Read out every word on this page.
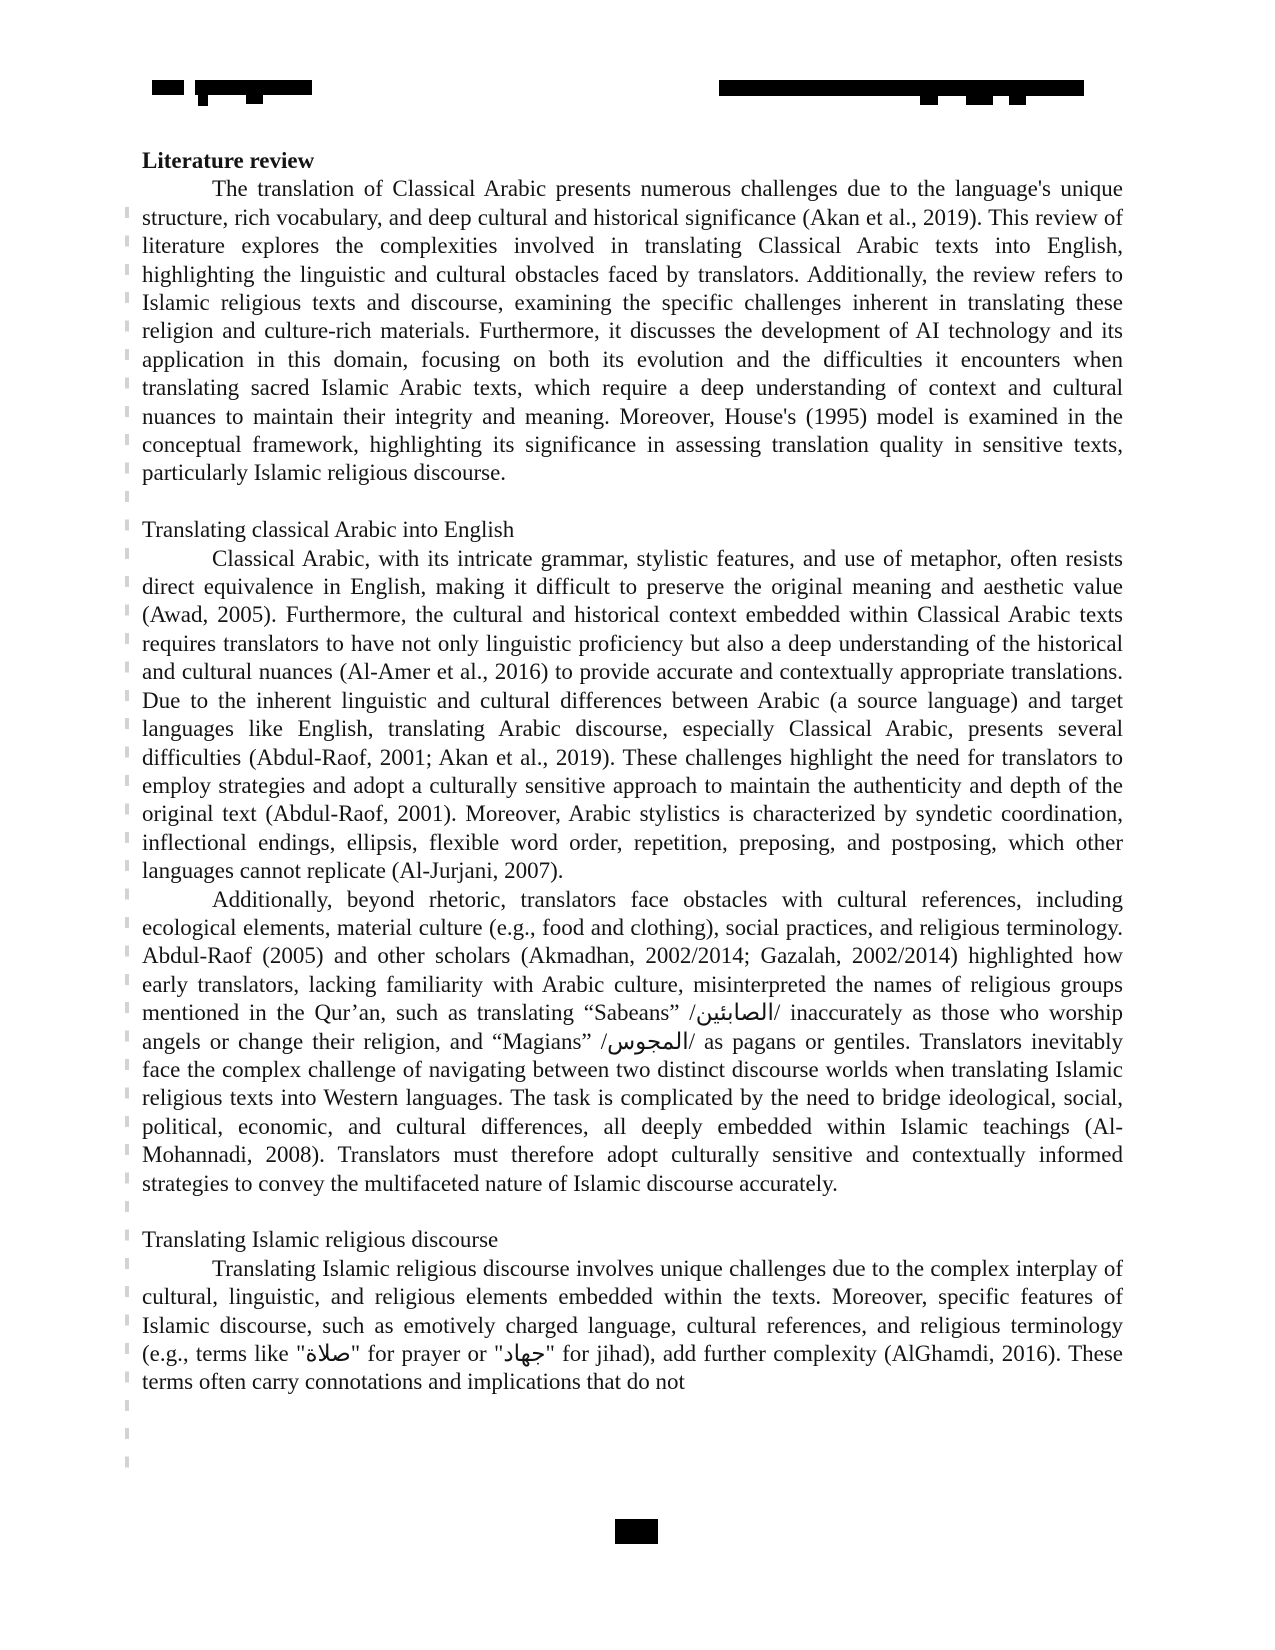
Literature review

The translation of Classical Arabic presents numerous challenges due to the language's unique structure, rich vocabulary, and deep cultural and historical significance (Akan et al., 2019). This review of literature explores the complexities involved in translating Classical Arabic texts into English, highlighting the linguistic and cultural obstacles faced by translators. Additionally, the review refers to Islamic religious texts and discourse, examining the specific challenges inherent in translating these religion and culture-rich materials. Furthermore, it discusses the development of AI technology and its application in this domain, focusing on both its evolution and the difficulties it encounters when translating sacred Islamic Arabic texts, which require a deep understanding of context and cultural nuances to maintain their integrity and meaning. Moreover, House's (1995) model is examined in the conceptual framework, highlighting its significance in assessing translation quality in sensitive texts, particularly Islamic religious discourse.

Translating classical Arabic into English

Classical Arabic, with its intricate grammar, stylistic features, and use of metaphor, often resists direct equivalence in English, making it difficult to preserve the original meaning and aesthetic value (Awad, 2005). Furthermore, the cultural and historical context embedded within Classical Arabic texts requires translators to have not only linguistic proficiency but also a deep understanding of the historical and cultural nuances (Al-Amer et al., 2016) to provide accurate and contextually appropriate translations. Due to the inherent linguistic and cultural differences between Arabic (a source language) and target languages like English, translating Arabic discourse, especially Classical Arabic, presents several difficulties (Abdul-Raof, 2001; Akan et al., 2019). These challenges highlight the need for translators to employ strategies and adopt a culturally sensitive approach to maintain the authenticity and depth of the original text (Abdul-Raof, 2001). Moreover, Arabic stylistics is characterized by syndetic coordination, inflectional endings, ellipsis, flexible word order, repetition, preposing, and postposing, which other languages cannot replicate (Al-Jurjani, 2007).

Additionally, beyond rhetoric, translators face obstacles with cultural references, including ecological elements, material culture (e.g., food and clothing), social practices, and religious terminology. Abdul-Raof (2005) and other scholars (Akmadhan, 2002/2014; Gazalah, 2002/2014) highlighted how early translators, lacking familiarity with Arabic culture, misinterpreted the names of religious groups mentioned in the Qur’an, such as translating “Sabeans” /الصابئين/ inaccurately as those who worship angels or change their religion, and “Magians” /المجوس/ as pagans or gentiles. Translators inevitably face the complex challenge of navigating between two distinct discourse worlds when translating Islamic religious texts into Western languages. The task is complicated by the need to bridge ideological, social, political, economic, and cultural differences, all deeply embedded within Islamic teachings (Al-Mohannadi, 2008). Translators must therefore adopt culturally sensitive and contextually informed strategies to convey the multifaceted nature of Islamic discourse accurately.

Translating Islamic religious discourse

Translating Islamic religious discourse involves unique challenges due to the complex interplay of cultural, linguistic, and religious elements embedded within the texts. Moreover, specific features of Islamic discourse, such as emotively charged language, cultural references, and religious terminology (e.g., terms like "صلاة" for prayer or "جهاد" for jihad), add further complexity (AlGhamdi, 2016). These terms often carry connotations and implications that do not
